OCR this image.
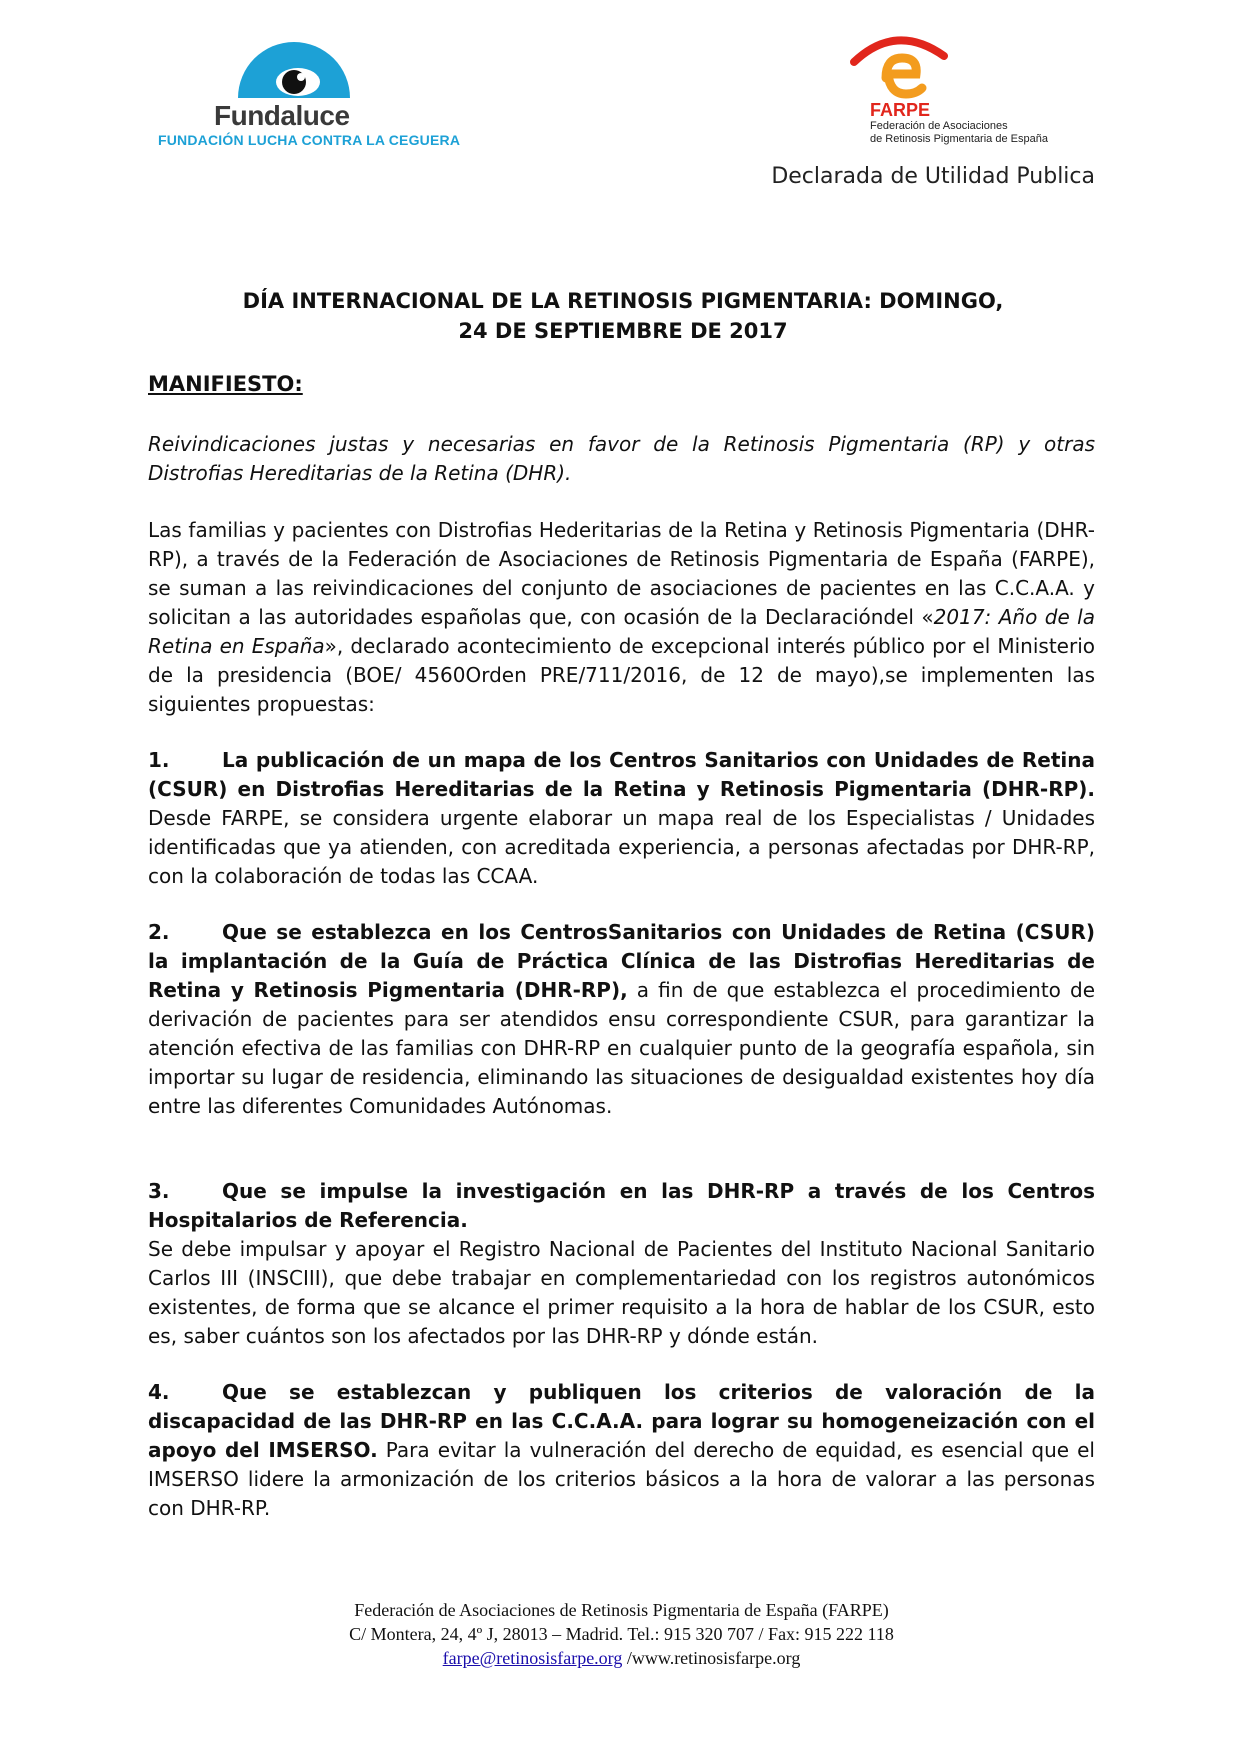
Fundaluce
FUNDACIÓN LUCHA CONTRA LA CEGUERA
FARPE
Federación de Asociaciones
de Retinosis Pigmentaria de España
Declarada de Utilidad Publica
DÍA INTERNACIONAL DE LA RETINOSIS PIGMENTARIA: DOMINGO,
24 DE SEPTIEMBRE DE 2017
MANIFIESTO:
Reivindicaciones justas y necesarias en favor de la Retinosis Pigmentaria (RP) y otras Distrofias Hereditarias de la Retina (DHR).
Las familias y pacientes con Distrofias Hederitarias de la Retina y Retinosis Pigmentaria (DHR-RP), a través de la Federación de Asociaciones de Retinosis Pigmentaria de España (FARPE), se suman a las reivindicaciones del conjunto de asociaciones de pacientes en las C.C.A.A. y solicitan a las autoridades españolas que, con ocasión de la Declaracióndel «2017: Año de la Retina en España», declarado acontecimiento de excepcional interés público por el Ministerio de la presidencia (BOE/ 4560Orden PRE/711/2016, de 12 de mayo),se implementen las siguientes propuestas:
1.	La publicación de un mapa de los Centros Sanitarios con Unidades de Retina (CSUR) en Distrofias Hereditarias de la Retina y Retinosis Pigmentaria (DHR-RP). Desde FARPE, se considera urgente elaborar un mapa real de los Especialistas / Unidades identificadas que ya atienden, con acreditada experiencia, a personas afectadas por DHR-RP, con la colaboración de todas las CCAA.
2.	Que se establezca en los CentrosSanitarios con Unidades de Retina (CSUR) la implantación de la Guía de Práctica Clínica de las Distrofias Hereditarias de Retina y Retinosis Pigmentaria (DHR-RP), a fin de que establezca el procedimiento de derivación de pacientes para ser atendidos ensu correspondiente CSUR, para garantizar la atención efectiva de las familias con DHR-RP en cualquier punto de la geografía española, sin importar su lugar de residencia, eliminando las situaciones de desigualdad existentes hoy día entre las diferentes Comunidades Autónomas.
3.	Que se impulse la investigación en las DHR-RP a través de los Centros Hospitalarios de Referencia.
Se debe impulsar y apoyar el Registro Nacional de Pacientes del Instituto Nacional Sanitario Carlos III (INSCIII), que debe trabajar en complementariedad con los registros autonómicos existentes, de forma que se alcance el primer requisito a la hora de hablar de los CSUR, esto es, saber cuántos son los afectados por las DHR-RP y dónde están.
4.	Que se establezcan y publiquen los criterios de valoración de la discapacidad de las DHR-RP en las C.C.A.A. para lograr su homogeneización con el apoyo del IMSERSO. Para evitar la vulneración del derecho de equidad, es esencial que el IMSERSO lidere la armonización de los criterios básicos a la hora de valorar a las personas con DHR-RP.
Federación de Asociaciones de Retinosis Pigmentaria de España (FARPE)
C/ Montera, 24, 4º J, 28013 – Madrid. Tel.: 915 320 707 / Fax: 915 222 118
farpe@retinosisfarpe.org /www.retinosisfarpe.org
